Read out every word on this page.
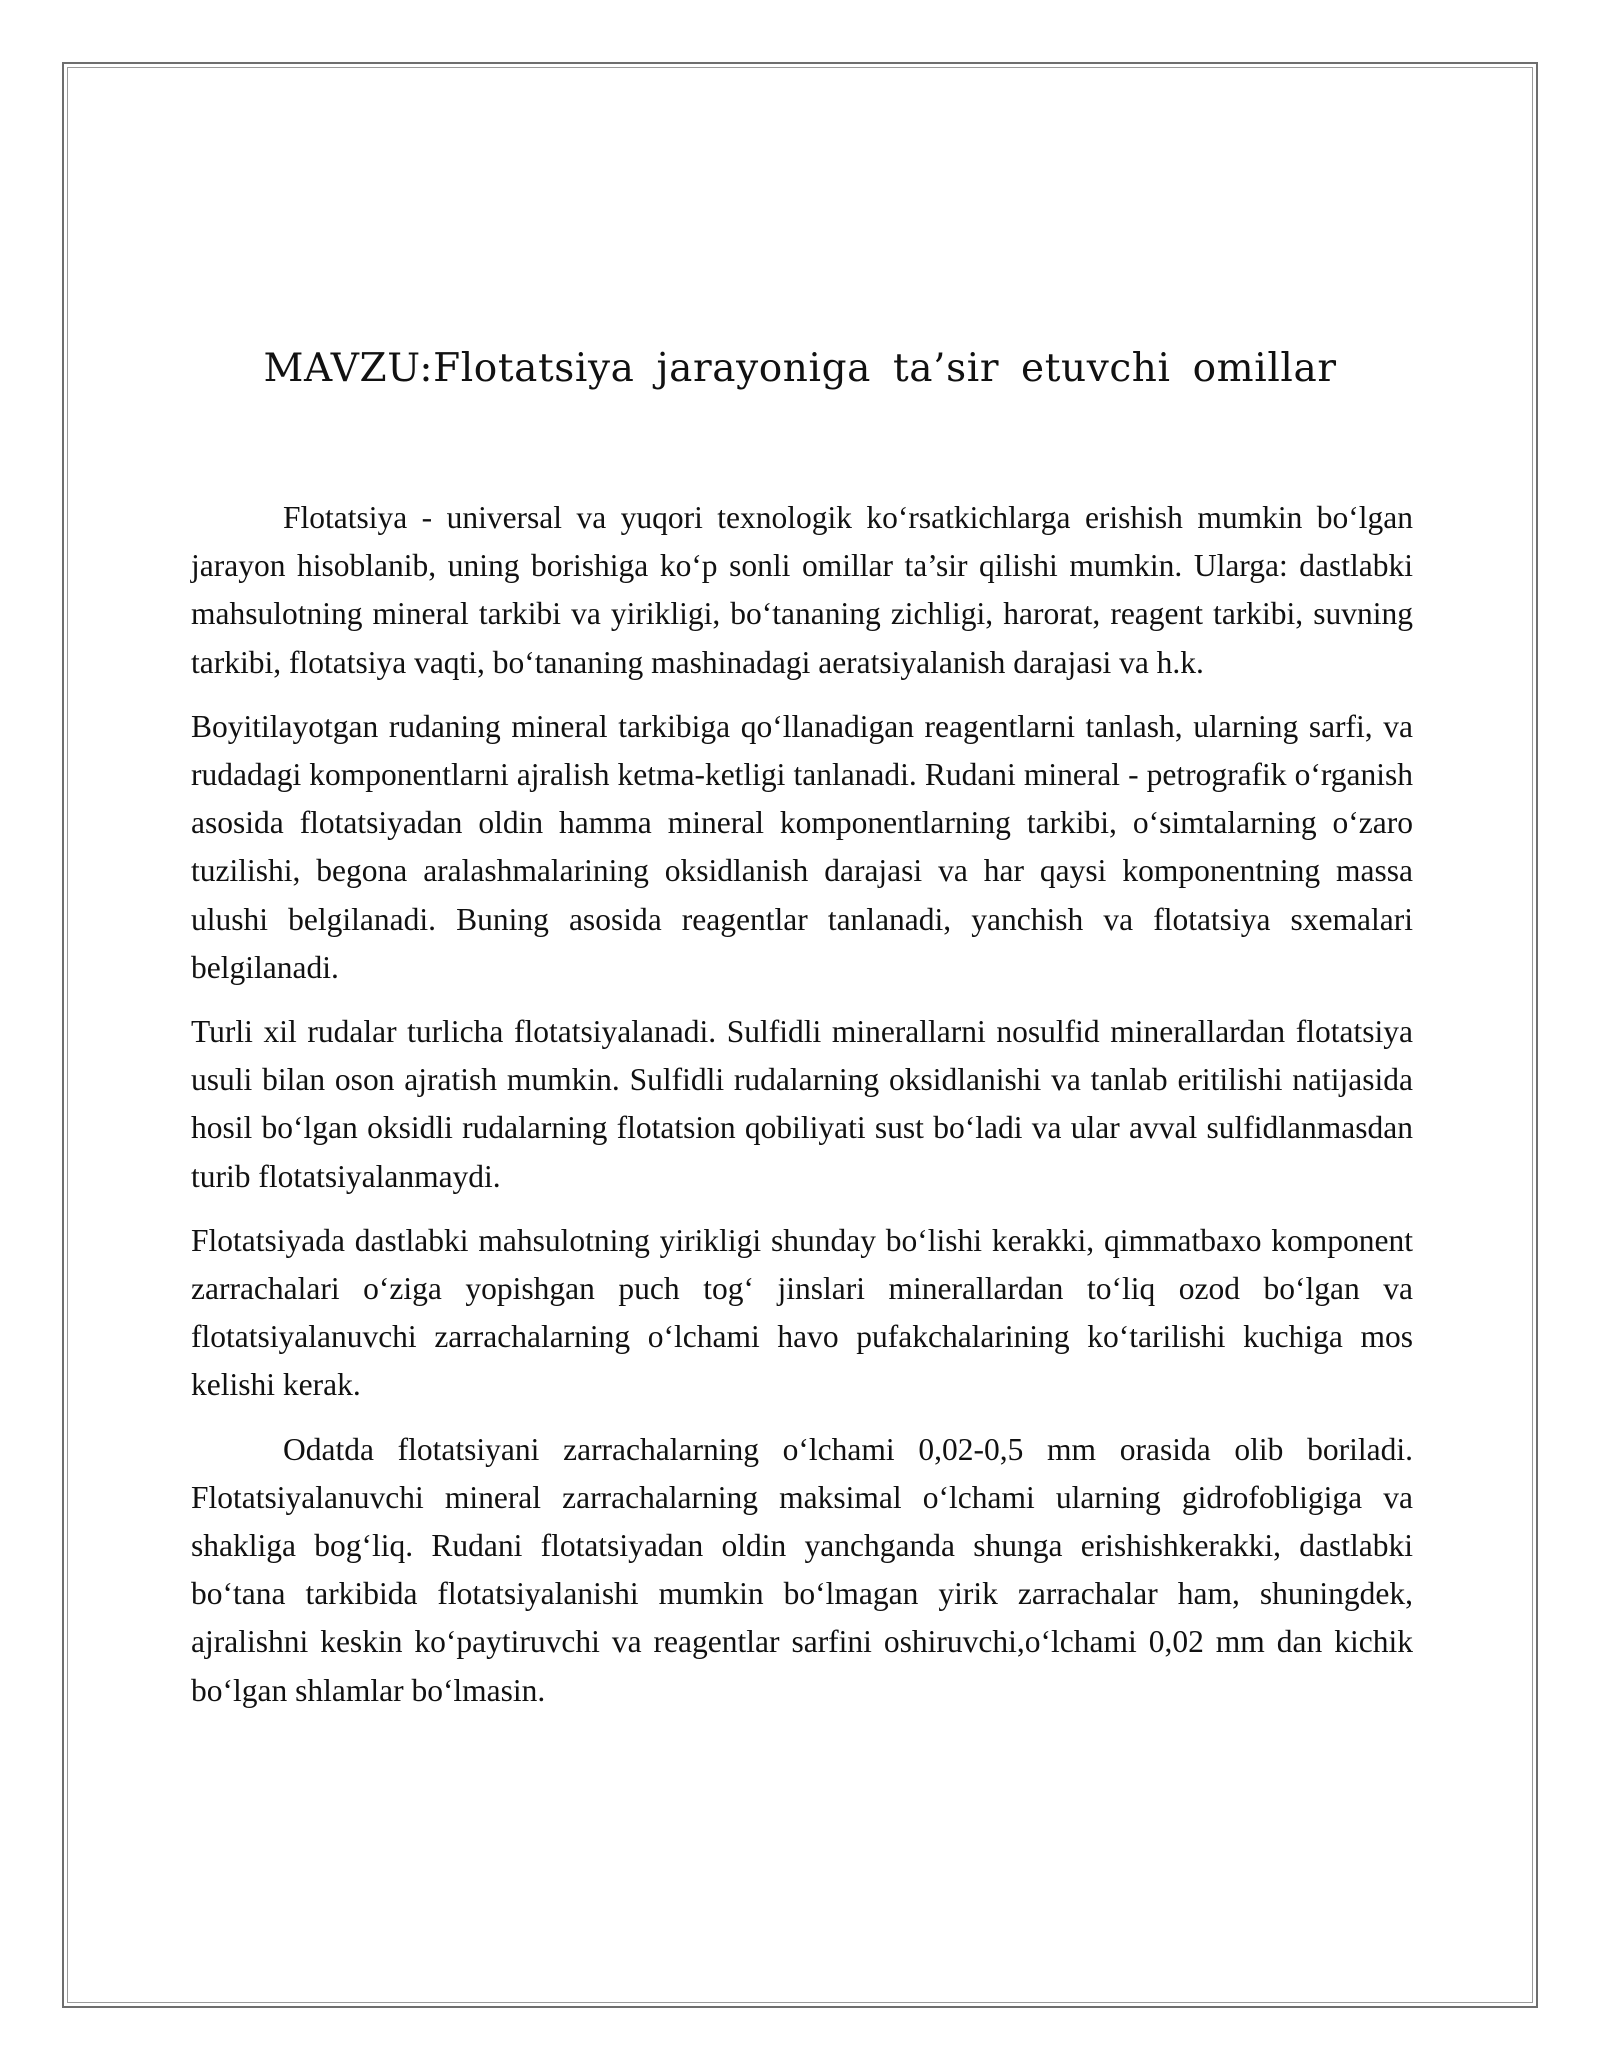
MAVZU:Flotatsiya jarayoniga ta’sir etuvchi omillar

Flotatsiya - universal va yuqori texnologik ko‘rsatkichlarga erishish mumkin bo‘lgan jarayon hisoblanib, uning borishiga ko‘p sonli omillar ta’sir qilishi mumkin. Ularga: dastlabki mahsulotning mineral tarkibi va yirikligi, bo‘tananing zichligi, harorat, reagent tarkibi, suvning tarkibi, flotatsiya vaqti, bo‘tananing mashinadagi aeratsiyalanish darajasi va h.k.

Boyitilayotgan rudaning mineral tarkibiga qo‘llanadigan reagentlarni tanlash, ularning sarfi, va rudadagi komponentlarni ajralish ketma-ketligi tanlanadi. Rudani mineral - petrografik o‘rganish asosida flotatsiyadan oldin hamma mineral komponentlarning tarkibi, o‘simtalarning o‘zaro tuzilishi, begona aralashmalarining oksidlanish darajasi va har qaysi komponentning massa ulushi belgilanadi. Buning asosida reagentlar tanlanadi, yanchish va flotatsiya sxemalari belgilanadi.

Turli xil rudalar turlicha flotatsiyalanadi. Sulfidli minerallarni nosulfid minerallardan flotatsiya usuli bilan oson ajratish mumkin. Sulfidli rudalarning oksidlanishi va tanlab eritilishi natijasida hosil bo‘lgan oksidli rudalarning flotatsion qobiliyati sust bo‘ladi va ular avval sulfidlanmasdan turib flotatsiyalanmaydi.

Flotatsiyada dastlabki mahsulotning yirikligi shunday bo‘lishi kerakki, qimmatbaxo komponent zarrachalari o‘ziga yopishgan puch tog‘ jinslari minerallardan to‘liq ozod bo‘lgan va flotatsiyalanuvchi zarrachalarning o‘lchami havo pufakchalarining ko‘tarilishi kuchiga mos kelishi kerak.

Odatda flotatsiyani zarrachalarning o‘lchami 0,02-0,5 mm orasida olib boriladi. Flotatsiyalanuvchi mineral zarrachalarning maksimal o‘lchami ularning gidrofobligiga va shakliga bog‘liq. Rudani flotatsiyadan oldin yanchganda shunga erishishkerakki, dastlabki bo‘tana tarkibida flotatsiyalanishi mumkin bo‘lmagan yirik zarrachalar ham, shuningdek, ajralishni keskin ko‘paytiruvchi va reagentlar sarfini oshiruvchi,o‘lchami 0,02 mm dan kichik bo‘lgan shlamlar bo‘lmasin.
